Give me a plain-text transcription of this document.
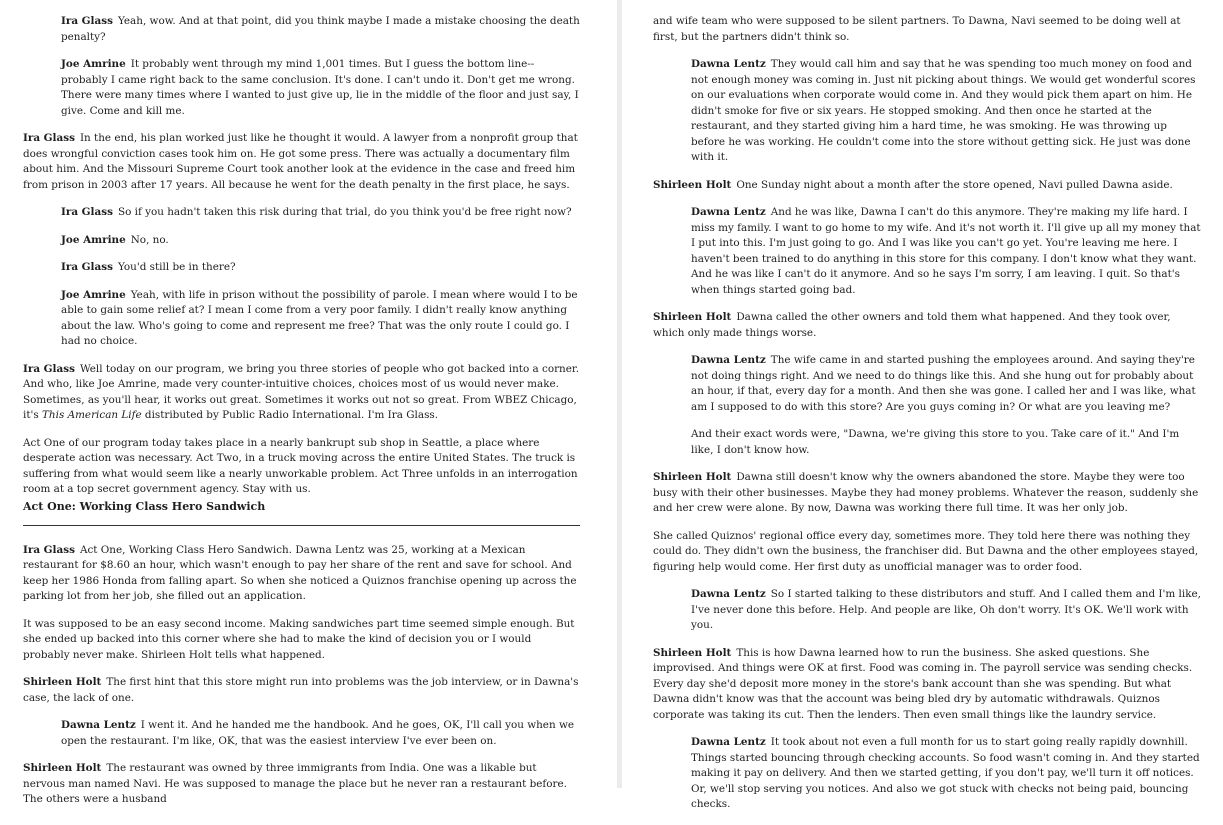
Ira Glass Yeah, wow. And at that point, did you think maybe I made a mistake choosing the death penalty?

Joe Amrine It probably went through my mind 1,001 times. But I guess the bottom line-- probably I came right back to the same conclusion. It's done. I can't undo it. Don't get me wrong. There were many times where I wanted to just give up, lie in the middle of the floor and just say, I give. Come and kill me.

Ira Glass In the end, his plan worked just like he thought it would. A lawyer from a nonprofit group that does wrongful conviction cases took him on. He got some press. There was actually a documentary film about him. And the Missouri Supreme Court took another look at the evidence in the case and freed him from prison in 2003 after 17 years. All because he went for the death penalty in the first place, he says.

Ira Glass So if you hadn't taken this risk during that trial, do you think you'd be free right now?

Joe Amrine No, no.

Ira Glass You'd still be in there?

Joe Amrine Yeah, with life in prison without the possibility of parole. I mean where would I to be able to gain some relief at? I mean I come from a very poor family. I didn't really know anything about the law. Who's going to come and represent me free? That was the only route I could go. I had no choice.

Ira Glass Well today on our program, we bring you three stories of people who got backed into a corner. And who, like Joe Amrine, made very counter-intuitive choices, choices most of us would never make. Sometimes, as you'll hear, it works out great. Sometimes it works out not so great. From WBEZ Chicago, it's This American Life distributed by Public Radio International. I'm Ira Glass.

Act One of our program today takes place in a nearly bankrupt sub shop in Seattle, a place where desperate action was necessary. Act Two, in a truck moving across the entire United States. The truck is suffering from what would seem like a nearly unworkable problem. Act Three unfolds in an interrogation room at a top secret government agency. Stay with us.

Act One: Working Class Hero Sandwich

Ira Glass Act One, Working Class Hero Sandwich. Dawna Lentz was 25, working at a Mexican restaurant for $8.60 an hour, which wasn't enough to pay her share of the rent and save for school. And keep her 1986 Honda from falling apart. So when she noticed a Quiznos franchise opening up across the parking lot from her job, she filled out an application.

It was supposed to be an easy second income. Making sandwiches part time seemed simple enough. But she ended up backed into this corner where she had to make the kind of decision you or I would probably never make. Shirleen Holt tells what happened.

Shirleen Holt The first hint that this store might run into problems was the job interview, or in Dawna's case, the lack of one.

Dawna Lentz I went it. And he handed me the handbook. And he goes, OK, I'll call you when we open the restaurant. I'm like, OK, that was the easiest interview I've ever been on.

Shirleen Holt The restaurant was owned by three immigrants from India. One was a likable but nervous man named Navi. He was supposed to manage the place but he never ran a restaurant before. The others were a husband

and wife team who were supposed to be silent partners. To Dawna, Navi seemed to be doing well at first, but the partners didn't think so.

Dawna Lentz They would call him and say that he was spending too much money on food and not enough money was coming in. Just nit picking about things. We would get wonderful scores on our evaluations when corporate would come in. And they would pick them apart on him. He didn't smoke for five or six years. He stopped smoking. And then once he started at the restaurant, and they started giving him a hard time, he was smoking. He was throwing up before he was working. He couldn't come into the store without getting sick. He just was done with it.

Shirleen Holt One Sunday night about a month after the store opened, Navi pulled Dawna aside.

Dawna Lentz And he was like, Dawna I can't do this anymore. They're making my life hard. I miss my family. I want to go home to my wife. And it's not worth it. I'll give up all my money that I put into this. I'm just going to go. And I was like you can't go yet. You're leaving me here. I haven't been trained to do anything in this store for this company. I don't know what they want. And he was like I can't do it anymore. And so he says I'm sorry, I am leaving. I quit. So that's when things started going bad.

Shirleen Holt Dawna called the other owners and told them what happened. And they took over, which only made things worse.

Dawna Lentz The wife came in and started pushing the employees around. And saying they're not doing things right. And we need to do things like this. And she hung out for probably about an hour, if that, every day for a month. And then she was gone. I called her and I was like, what am I supposed to do with this store? Are you guys coming in? Or what are you leaving me?

And their exact words were, "Dawna, we're giving this store to you. Take care of it." And I'm like, I don't know how.

Shirleen Holt Dawna still doesn't know why the owners abandoned the store. Maybe they were too busy with their other businesses. Maybe they had money problems. Whatever the reason, suddenly she and her crew were alone. By now, Dawna was working there full time. It was her only job.

She called Quiznos' regional office every day, sometimes more. They told here there was nothing they could do. They didn't own the business, the franchiser did. But Dawna and the other employees stayed, figuring help would come. Her first duty as unofficial manager was to order food.

Dawna Lentz So I started talking to these distributors and stuff. And I called them and I'm like, I've never done this before. Help. And people are like, Oh don't worry. It's OK. We'll work with you.

Shirleen Holt This is how Dawna learned how to run the business. She asked questions. She improvised. And things were OK at first. Food was coming in. The payroll service was sending checks. Every day she'd deposit more money in the store's bank account than she was spending. But what Dawna didn't know was that the account was being bled dry by automatic withdrawals. Quiznos corporate was taking its cut. Then the lenders. Then even small things like the laundry service.

Dawna Lentz It took about not even a full month for us to start going really rapidly downhill. Things started bouncing through checking accounts. So food wasn't coming in. And they started making it pay on delivery. And then we started getting, if you don't pay, we'll turn it off notices. Or, we'll stop serving you notices. And also we got stuck with checks not being paid, bouncing checks.
